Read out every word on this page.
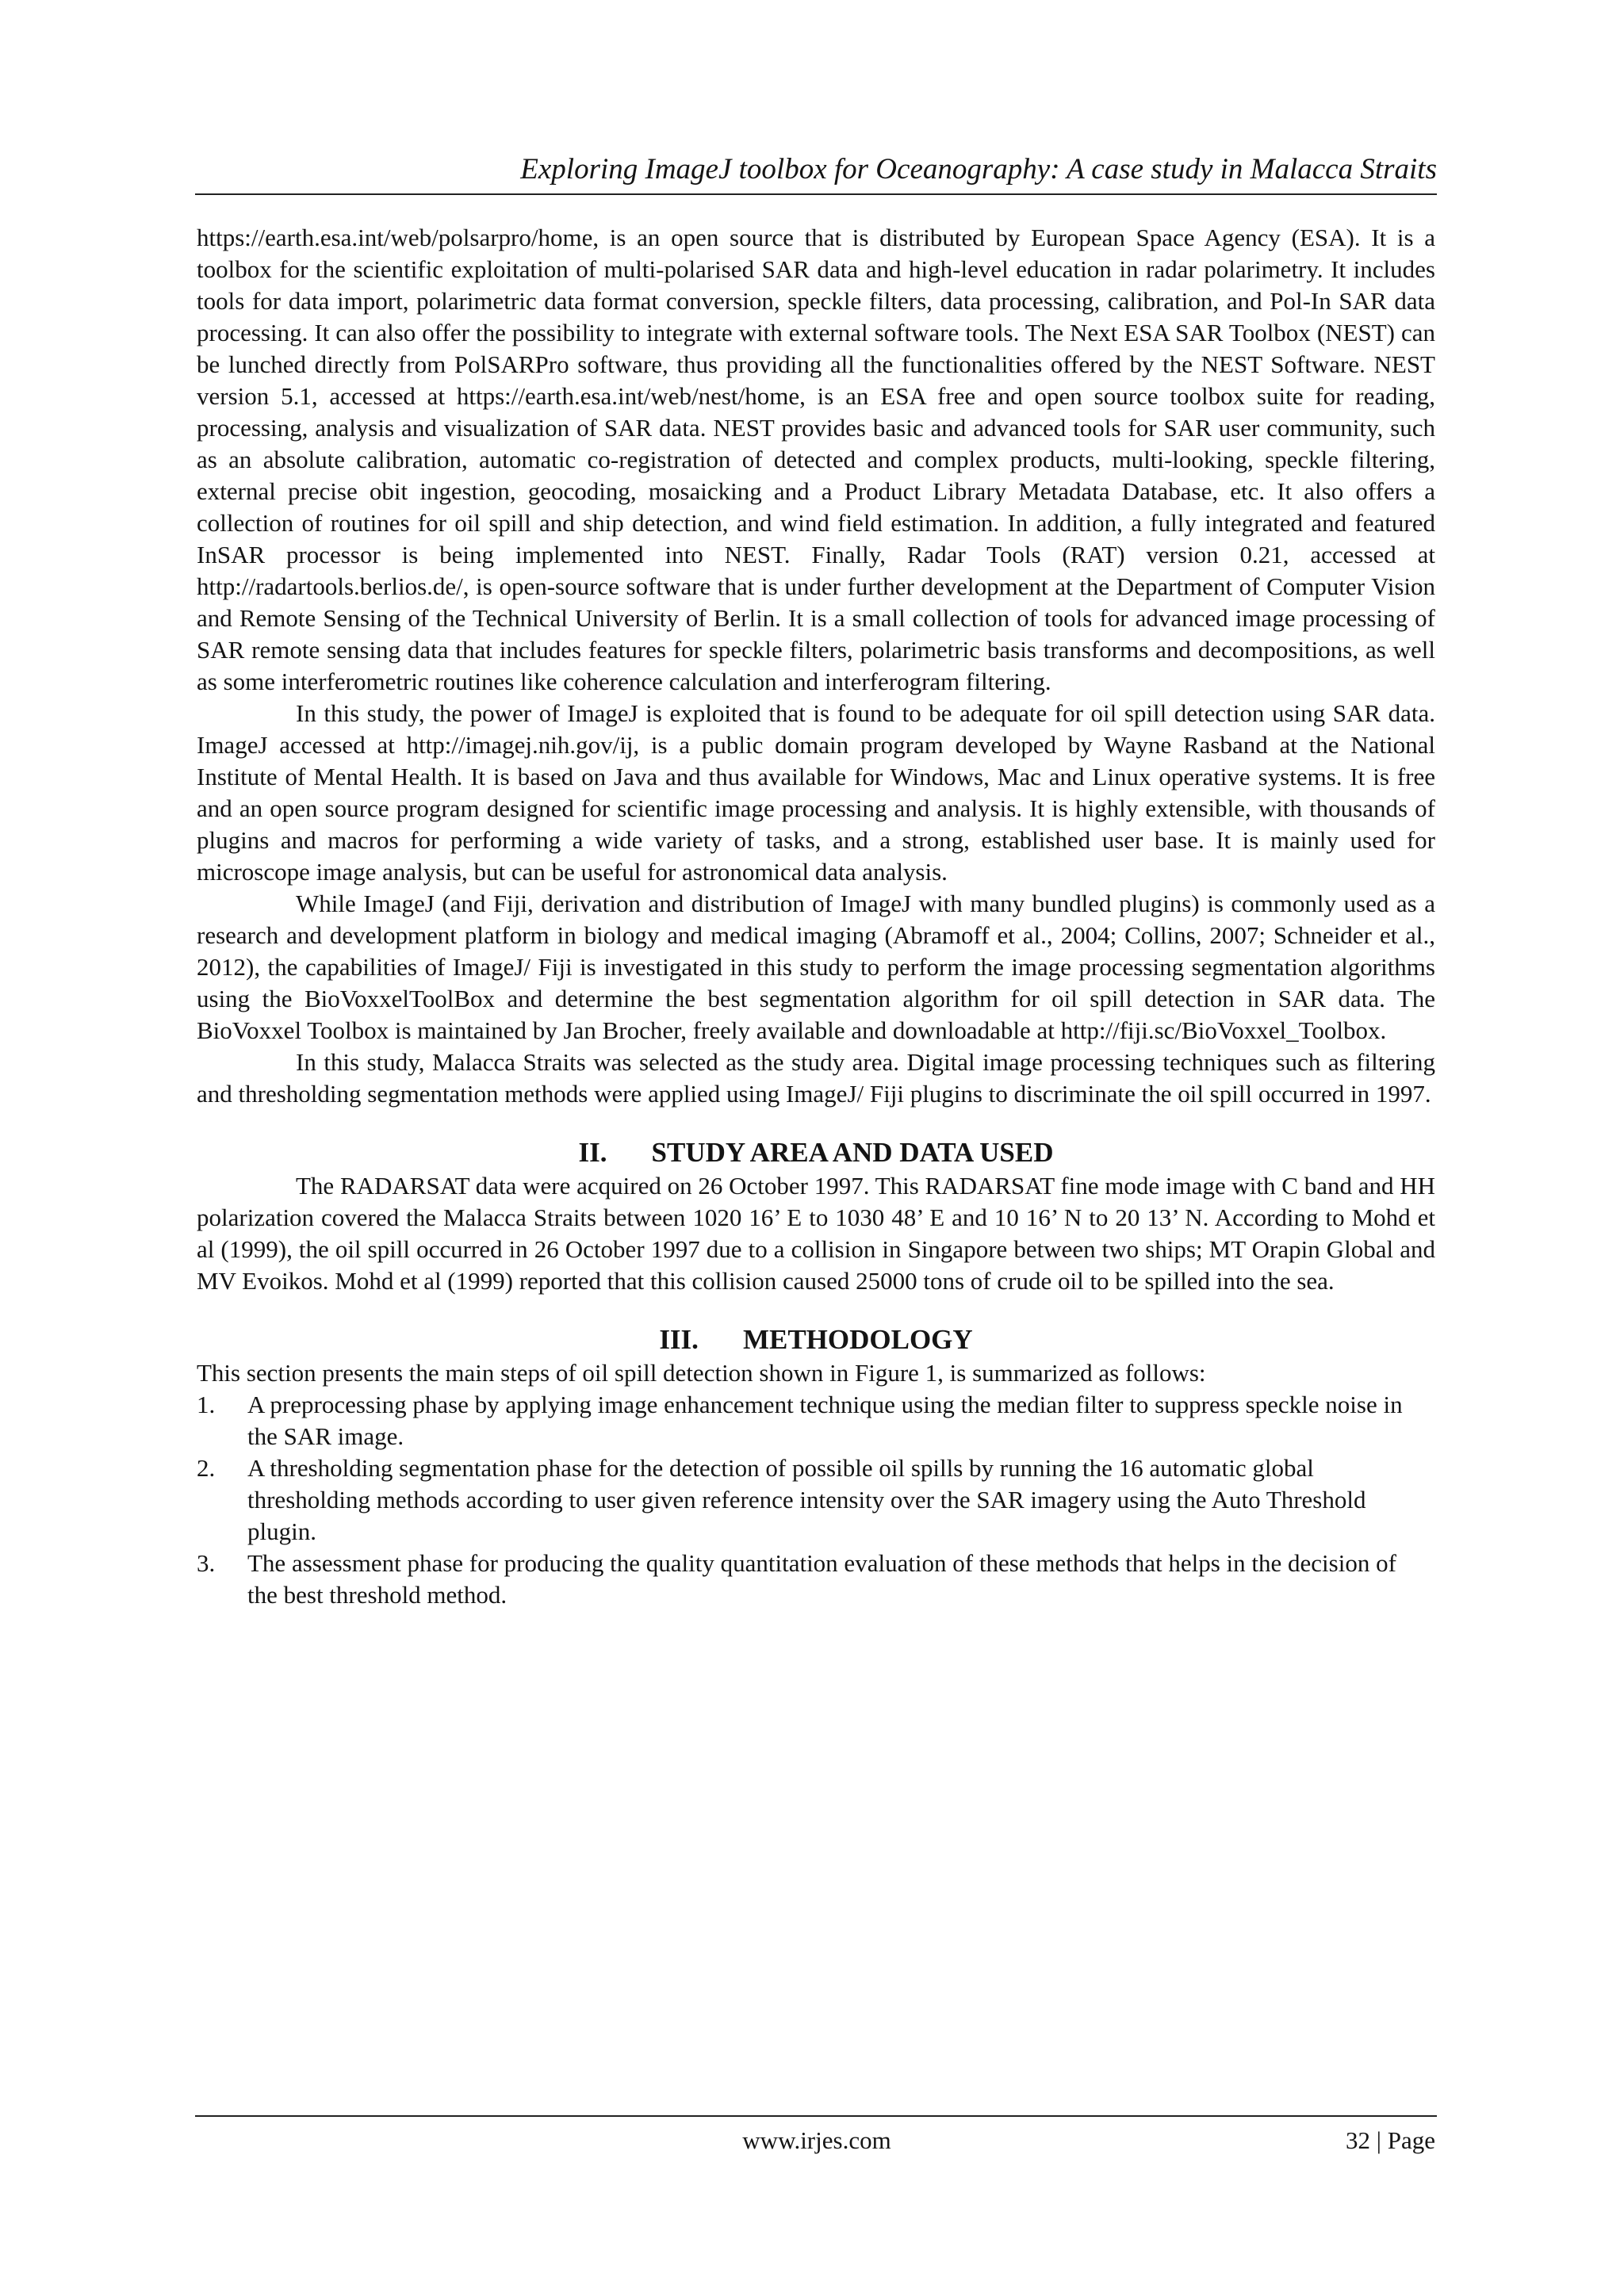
Exploring ImageJ toolbox for Oceanography: A case study in Malacca Straits

https://earth.esa.int/web/polsarpro/home, is an open source that is distributed by European Space Agency (ESA). It is a toolbox for the scientific exploitation of multi-polarised SAR data and high-level education in radar polarimetry. It includes tools for data import, polarimetric data format conversion, speckle filters, data processing, calibration, and Pol-In SAR data processing. It can also offer the possibility to integrate with external software tools. The Next ESA SAR Toolbox (NEST) can be lunched directly from PolSARPro software, thus providing all the functionalities offered by the NEST Software. NEST version 5.1, accessed at https://earth.esa.int/web/nest/home, is an ESA free and open source toolbox suite for reading, processing, analysis and visualization of SAR data. NEST provides basic and advanced tools for SAR user community, such as an absolute calibration, automatic co-registration of detected and complex products, multi-looking, speckle filtering, external precise obit ingestion, geocoding, mosaicking and a Product Library Metadata Database, etc. It also offers a collection of routines for oil spill and ship detection, and wind field estimation. In addition, a fully integrated and featured InSAR processor is being implemented into NEST. Finally, Radar Tools (RAT) version 0.21, accessed at http://radartools.berlios.de/, is open-source software that is under further development at the Department of Computer Vision and Remote Sensing of the Technical University of Berlin. It is a small collection of tools for advanced image processing of SAR remote sensing data that includes features for speckle filters, polarimetric basis transforms and decompositions, as well as some interferometric routines like coherence calculation and interferogram filtering.

In this study, the power of ImageJ is exploited that is found to be adequate for oil spill detection using SAR data. ImageJ accessed at http://imagej.nih.gov/ij, is a public domain program developed by Wayne Rasband at the National Institute of Mental Health. It is based on Java and thus available for Windows, Mac and Linux operative systems. It is free and an open source program designed for scientific image processing and analysis. It is highly extensible, with thousands of plugins and macros for performing a wide variety of tasks, and a strong, established user base. It is mainly used for microscope image analysis, but can be useful for astronomical data analysis.

While ImageJ (and Fiji, derivation and distribution of ImageJ with many bundled plugins) is commonly used as a research and development platform in biology and medical imaging (Abramoff et al., 2004; Collins, 2007; Schneider et al., 2012), the capabilities of ImageJ/ Fiji is investigated in this study to perform the image processing segmentation algorithms using the BioVoxxelToolBox and determine the best segmentation algorithm for oil spill detection in SAR data. The BioVoxxel Toolbox is maintained by Jan Brocher, freely available and downloadable at http://fiji.sc/BioVoxxel_Toolbox.

In this study, Malacca Straits was selected as the study area. Digital image processing techniques such as filtering and thresholding segmentation methods were applied using ImageJ/ Fiji plugins to discriminate the oil spill occurred in 1997.

II. STUDY AREA AND DATA USED

The RADARSAT data were acquired on 26 October 1997. This RADARSAT fine mode image with C band and HH polarization covered the Malacca Straits between 1020 16’ E to 1030 48’ E and 10 16’ N to 20 13’ N. According to Mohd et al (1999), the oil spill occurred in 26 October 1997 due to a collision in Singapore between two ships; MT Orapin Global and MV Evoikos. Mohd et al (1999) reported that this collision caused 25000 tons of crude oil to be spilled into the sea.

III. METHODOLOGY

This section presents the main steps of oil spill detection shown in Figure 1, is summarized as follows:

1. A preprocessing phase by applying image enhancement technique using the median filter to suppress speckle noise in the SAR image.
2. A thresholding segmentation phase for the detection of possible oil spills by running the 16 automatic global thresholding methods according to user given reference intensity over the SAR imagery using the Auto Threshold plugin.
3. The assessment phase for producing the quality quantitation evaluation of these methods that helps in the decision of the best threshold method.
www.irjes.com	32 | Page
